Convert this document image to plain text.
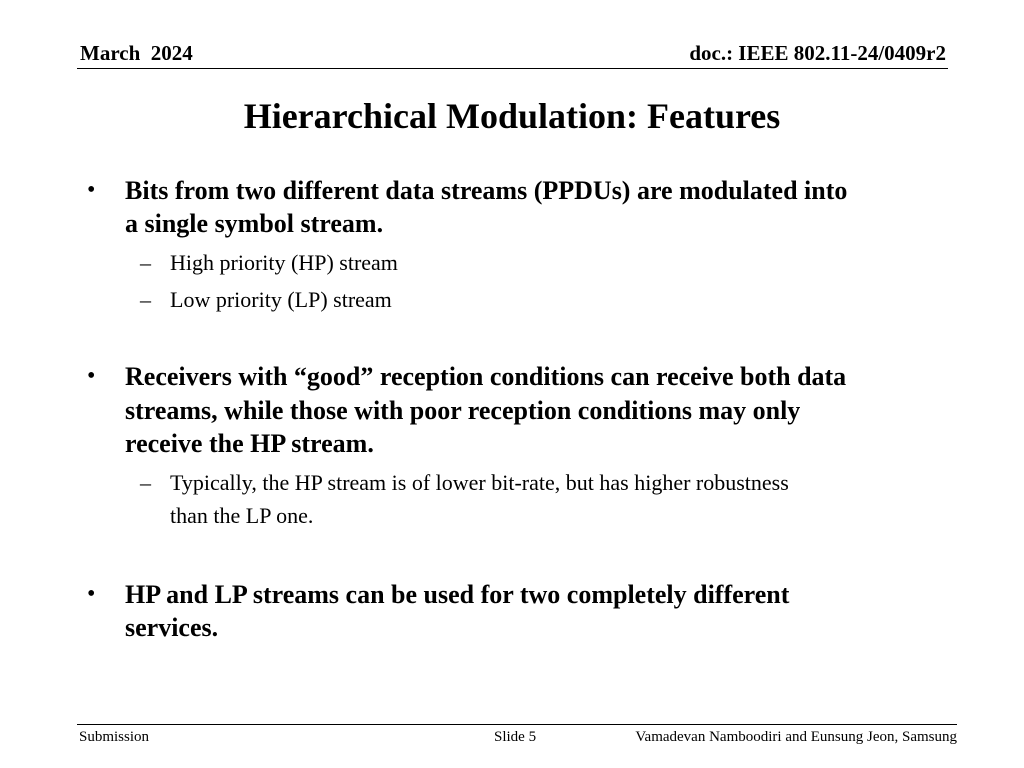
March  2024	doc.: IEEE 802.11-24/0409r2
Hierarchical Modulation: Features
• Bits from two different data streams (PPDUs) are modulated into
a single symbol stream.
– High priority (HP) stream
– Low priority (LP) stream
• Receivers with “good” reception conditions can receive both data
streams, while those with poor reception conditions may only
receive the HP stream.
– Typically, the HP stream is of lower bit-rate, but has higher robustness
than the LP one.
• HP and LP streams can be used for two completely different
services.
Submission	Slide 5	Vamadevan Namboodiri and Eunsung Jeon, Samsung
